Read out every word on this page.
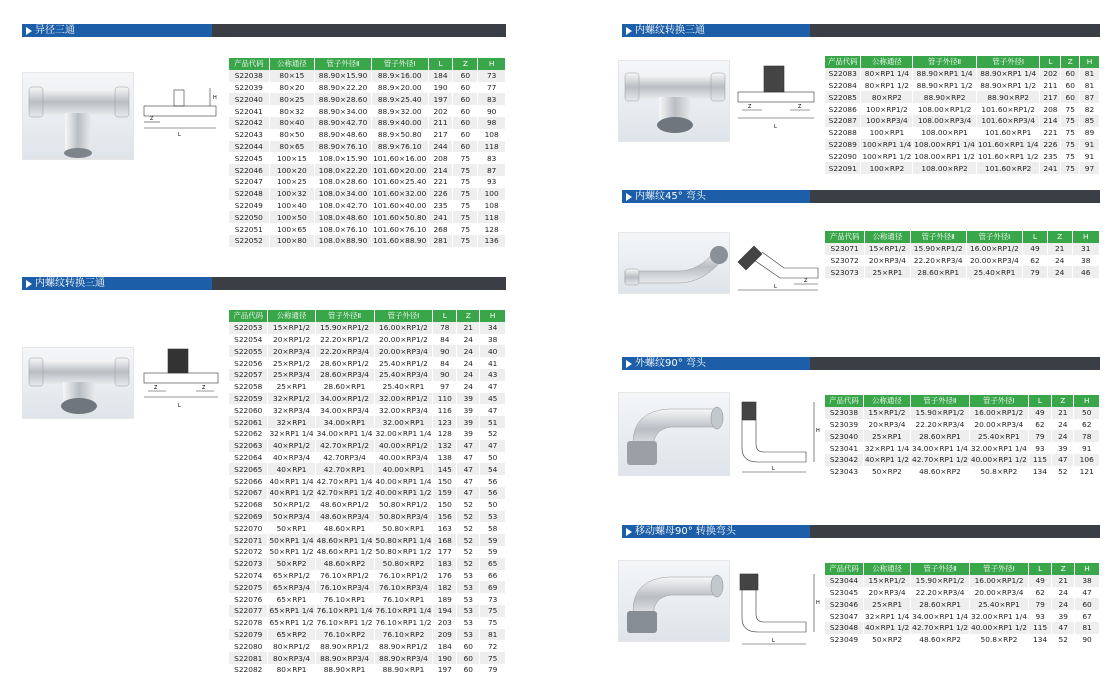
异径三通
L
Z
H
产品代码	公称通径	管子外径Ⅱ	管子外径Ⅰ	L	Z	H
S22038	80×15	88.90×15.90	88.9×16.00	184	60	73
S22039	80×20	88.90×22.20	88.9×20.00	190	60	77
S22040	80×25	88.90×28.60	88.9×25.40	197	60	83
S22041	80×32	88.90×34.00	88.9×32.00	202	60	90
S22042	80×40	88.90×42.70	88.9×40.00	211	60	98
S22043	80×50	88.90×48.60	88.9×50.80	217	60	108
S22044	80×65	88.90×76.10	88.9×76.10	244	60	118
S22045	100×15	108.0×15.90	101.60×16.00	208	75	83
S22046	100×20	108.0×22.20	101.60×20.00	214	75	87
S22047	100×25	108.0×28.60	101.60×25.40	221	75	93
S22048	100×32	108.0×34.00	101.60×32.00	226	75	100
S22049	100×40	108.0×42.70	101.60×40.00	235	75	108
S22050	100×50	108.0×48.60	101.60×50.80	241	75	118
S22051	100×65	108.0×76.10	101.60×76.10	268	75	128
S22052	100×80	108.0×88.90	101.60×88.90	281	75	136
内螺纹转换三通
L
Z	Z
产品代码	公称通径	管子外径Ⅱ	管子外径Ⅰ	L	Z	H
S22053	15×RP1/2	15.90×RP1/2	16.00×RP1/2	78	21	34
S22054	20×RP1/2	22.20×RP1/2	20.00×RP1/2	84	24	38
S22055	20×RP3/4	22.20×RP3/4	20.00×RP3/4	90	24	40
S22056	25×RP1/2	28.60×RP1/2	25.40×RP1/2	84	24	41
S22057	25×RP3/4	28.60×RP3/4	25.40×RP3/4	90	24	43
S22058	25×RP1	28.60×RP1	25.40×RP1	97	24	47
S22059	32×RP1/2	34.00×RP1/2	32.00×RP1/2	110	39	45
S22060	32×RP3/4	34.00×RP3/4	32.00×RP3/4	116	39	47
S22061	32×RP1	34.00×RP1	32.00×RP1	123	39	51
S22062	32×RP1 1/4	34.00×RP1 1/4	32.00×RP1 1/4	128	39	52
S22063	40×RP1/2	42.70×RP1/2	40.00×RP1/2	132	47	47
S22064	40×RP3/4	42.70RP3/4	40.00×RP3/4	138	47	50
S22065	40×RP1	42.70×RP1	40.00×RP1	145	47	54
S22066	40×RP1 1/4	42.70×RP1 1/4	40.00×RP1 1/4	150	47	56
S22067	40×RP1 1/2	42.70×RP1 1/2	40.00×RP1 1/2	159	47	56
S22068	50×RP1/2	48.60×RP1/2	50.80×RP1/2	150	52	50
S22069	50×RP3/4	48.60×RP3/4	50.80×RP3/4	156	52	53
S22070	50×RP1	48.60×RP1	50.80×RP1	163	52	58
S22071	50×RP1 1/4	48.60×RP1 1/4	50.80×RP1 1/4	168	52	59
S22072	50×RP1 1/2	48.60×RP1 1/2	50.80×RP1 1/2	177	52	59
S22073	50×RP2	48.60×RP2	50.80×RP2	183	52	65
S22074	65×RP1/2	76.10×RP1/2	76.10×RP1/2	176	53	66
S22075	65×RP3/4	76.10×RP3/4	76.10×RP3/4	182	53	69
S22076	65×RP1	76.10×RP1	76.10×RP1	189	53	73
S22077	65×RP1 1/4	76.10×RP1 1/4	76.10×RP1 1/4	194	53	75
S22078	65×RP1 1/2	76.10×RP1 1/2	76.10×RP1 1/2	203	53	75
S22079	65×RP2	76.10×RP2	76.10×RP2	209	53	81
S22080	80×RP1/2	88.90×RP1/2	88.90×RP1/2	184	60	72
S22081	80×RP3/4	88.90×RP3/4	88.90×RP3/4	190	60	75
S22082	80×RP1	88.90×RP1	88.90×RP1	197	60	79
内螺纹转换三通
L
Z	Z
产品代码	公称通径	管子外径Ⅱ	管子外径Ⅰ	L	Z	H
S22083	80×RP1 1/4	88.90×RP1 1/4	88.90×RP1 1/4	202	60	81
S22084	80×RP1 1/2	88.90×RP1 1/2	88.90×RP1 1/2	211	60	81
S22085	80×RP2	88.90×RP2	88.90×RP2	217	60	87
S22086	100×RP1/2	108.00×RP1/2	101.60×RP1/2	208	75	82
S22087	100×RP3/4	108.00×RP3/4	101.60×RP3/4	214	75	85
S22088	100×RP1	108.00×RP1	101.60×RP1	221	75	89
S22089	100×RP1 1/4	108.00×RP1 1/4	101.60×RP1 1/4	226	75	91
S22090	100×RP1 1/2	108.00×RP1 1/2	101.60×RP1 1/2	235	75	91
S22091	100×RP2	108.00×RP2	101.60×RP2	241	75	97
内螺纹45° 弯头
L
Z
产品代码	公称通径	管子外径Ⅱ	管子外径Ⅰ	L	Z	H
S23071	15×RP1/2	15.90×RP1/2	16.00×RP1/2	49	21	31
S23072	20×RP3/4	22.20×RP3/4	20.00×RP3/4	62	24	38
S23073	25×RP1	28.60×RP1	25.40×RP1	79	24	46
外螺纹90° 弯头
L
H
产品代码	公称通径	管子外径Ⅱ	管子外径Ⅰ	L	Z	H
S23038	15×RP1/2	15.90×RP1/2	16.00×RP1/2	49	21	50
S23039	20×RP3/4	22.20×RP3/4	20.00×RP3/4	62	24	62
S23040	25×RP1	28.60×RP1	25.40×RP1	79	24	78
S23041	32×RP1 1/4	34.00×RP1 1/4	32.00×RP1 1/4	93	39	91
S23042	40×RP1 1/2	42.70×RP1 1/2	40.00×RP1 1/2	115	47	106
S23043	50×RP2	48.60×RP2	50.8×RP2	134	52	121
移动螺母90° 转换弯头
L
H
产品代码	公称通径	管子外径Ⅱ	管子外径Ⅰ	L	Z	H
S23044	15×RP1/2	15.90×RP1/2	16.00×RP1/2	49	21	38
S23045	20×RP3/4	22.20×RP3/4	20.00×RP3/4	62	24	47
S23046	25×RP1	28.60×RP1	25.40×RP1	79	24	60
S23047	32×RP1 1/4	34.00×RP1 1/4	32.00×RP1 1/4	93	39	67
S23048	40×RP1 1/2	42.70×RP1 1/2	40.00×RP1 1/2	115	47	81
S23049	50×RP2	48.60×RP2	50.8×RP2	134	52	90
